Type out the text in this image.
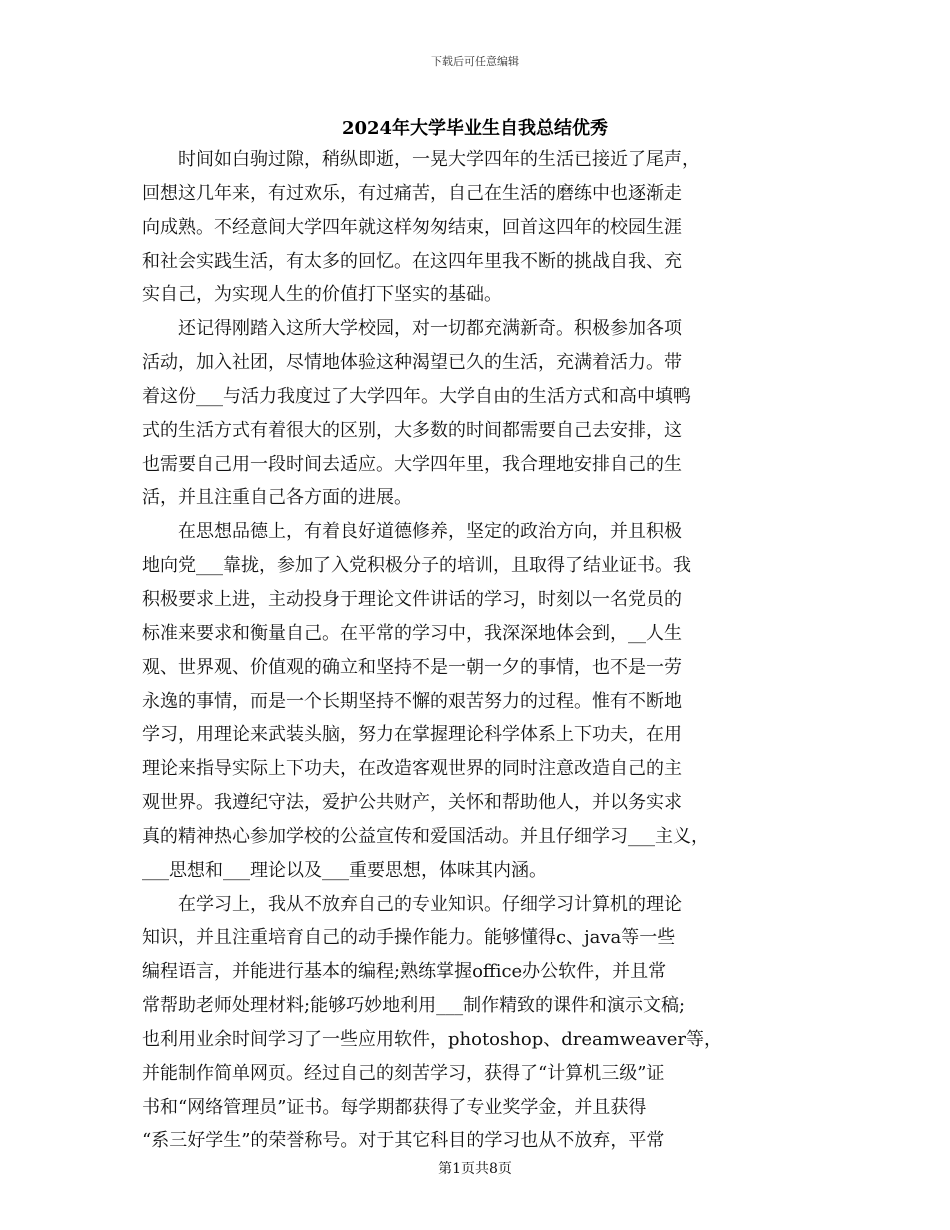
下载后可任意编辑
2024年大学毕业生自我总结优秀
　　时间如白驹过隙，稍纵即逝，一晃大学四年的生活已接近了尾声，
回想这几年来，有过欢乐，有过痛苦，自己在生活的磨练中也逐渐走
向成熟。不经意间大学四年就这样匆匆结束，回首这四年的校园生涯
和社会实践生活，有太多的回忆。在这四年里我不断的挑战自我、充
实自己，为实现人生的价值打下坚实的基础。
　　还记得刚踏入这所大学校园，对一切都充满新奇。积极参加各项
活动，加入社团，尽情地体验这种渴望已久的生活，充满着活力。带
着这份___与活力我度过了大学四年。大学自由的生活方式和高中填鸭
式的生活方式有着很大的区别，大多数的时间都需要自己去安排，这
也需要自己用一段时间去适应。大学四年里，我合理地安排自己的生
活，并且注重自己各方面的进展。
　　在思想品德上，有着良好道德修养，坚定的政治方向，并且积极
地向党___靠拢，参加了入党积极分子的培训，且取得了结业证书。我
积极要求上进，主动投身于理论文件讲话的学习，时刻以一名党员的
标准来要求和衡量自己。在平常的学习中，我深深地体会到，__人生
观、世界观、价值观的确立和坚持不是一朝一夕的事情，也不是一劳
永逸的事情，而是一个长期坚持不懈的艰苦努力的过程。惟有不断地
学习，用理论来武装头脑，努力在掌握理论科学体系上下功夫，在用
理论来指导实际上下功夫，在改造客观世界的同时注意改造自己的主
观世界。我遵纪守法，爱护公共财产，关怀和帮助他人，并以务实求
真的精神热心参加学校的公益宣传和爱国活动。并且仔细学习___主义，
___思想和___理论以及___重要思想，体味其内涵。
　　在学习上，我从不放弃自己的专业知识。仔细学习计算机的理论
知识，并且注重培育自己的动手操作能力。能够懂得c、java等一些
编程语言，并能进行基本的编程;熟练掌握office办公软件，并且常
常帮助老师处理材料;能够巧妙地利用___制作精致的课件和演示文稿;
也利用业余时间学习了一些应用软件，photoshop、dreamweaver等，
并能制作简单网页。经过自己的刻苦学习，获得了“计算机三级”证
书和“网络管理员”证书。每学期都获得了专业奖学金，并且获得
“系三好学生”的荣誉称号。对于其它科目的学习也从不放弃，平常
第1页共8页
